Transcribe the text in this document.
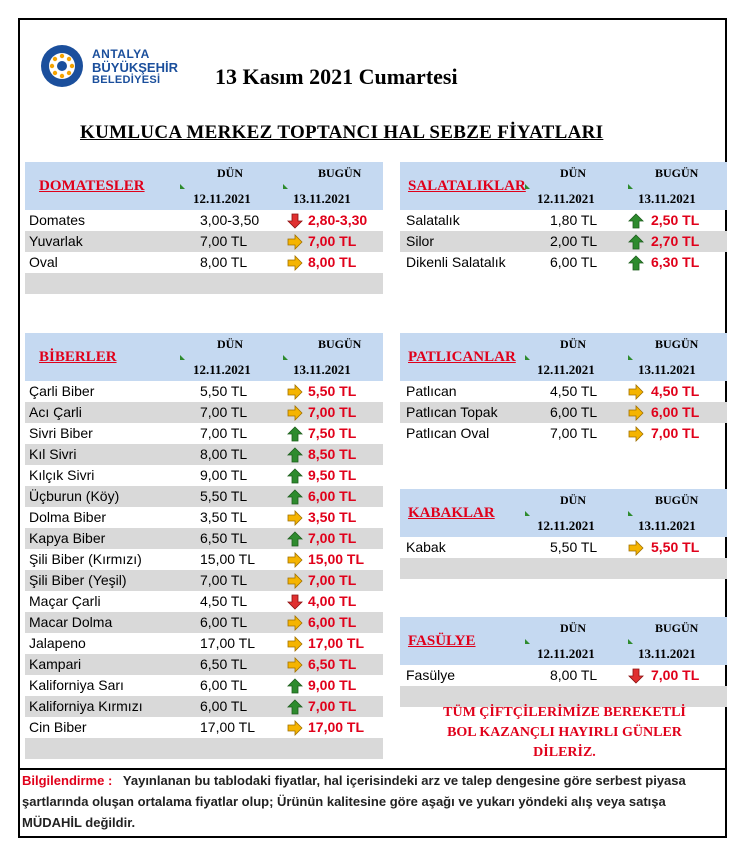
ANTALYA
BÜYÜKŞEHİR
BELEDİYESİ	13 Kasım 2021 Cumartesi
KUMLUCA MERKEZ TOPTANCI HAL SEBZE FİYATLARI
DOMATESLER
DÜN	BUGÜN
12.11.2021	13.11.2021
Domates	3,00-3,50	2,80-3,30
Yuvarlak	7,00 TL	7,00 TL
Oval	8,00 TL	8,00 TL
SALATALIKLAR
DÜN	BUGÜN
12.11.2021	13.11.2021
Salatalık	1,80 TL	2,50 TL
Silor	2,00 TL	2,70 TL
Dikenli Salatalık	6,00 TL	6,30 TL
BİBERLER
DÜN	BUGÜN
12.11.2021	13.11.2021
Çarli Biber	5,50 TL	5,50 TL
Acı Çarli	7,00 TL	7,00 TL
Sivri Biber	7,00 TL	7,50 TL
Kıl Sivri	8,00 TL	8,50 TL
Kılçık Sivri	9,00 TL	9,50 TL
Üçburun (Köy)	5,50 TL	6,00 TL
Dolma Biber	3,50 TL	3,50 TL
Kapya Biber	6,50 TL	7,00 TL
Şili Biber (Kırmızı)	15,00 TL	15,00 TL
Şili Biber (Yeşil)	7,00 TL	7,00 TL
Maçar Çarli	4,50 TL	4,00 TL
Macar Dolma	6,00 TL	6,00 TL
Jalapeno	17,00 TL	17,00 TL
Kampari	6,50 TL	6,50 TL
Kaliforniya Sarı	6,00 TL	9,00 TL
Kaliforniya Kırmızı	6,00 TL	7,00 TL
Cin Biber	17,00 TL	17,00 TL
PATLICANLAR
DÜN	BUGÜN
12.11.2021	13.11.2021
Patlıcan	4,50 TL	4,50 TL
Patlıcan Topak	6,00 TL	6,00 TL
Patlıcan Oval	7,00 TL	7,00 TL
KABAKLAR
DÜN	BUGÜN
12.11.2021	13.11.2021
Kabak	5,50 TL	5,50 TL
FASÜLYE
DÜN	BUGÜN
12.11.2021	13.11.2021
Fasülye	8,00 TL	7,00 TL
TÜM ÇİFTÇİLERİMİZE BEREKETLİ
BOL KAZANÇLI HAYIRLI GÜNLER
DİLERİZ.
Bilgilendirme : Yayınlanan bu tablodaki fiyatlar, hal içerisindeki arz ve talep dengesine göre serbest piyasa şartlarında oluşan ortalama fiyatlar olup; Ürünün kalitesine göre aşağı ve yukarı yöndeki alış veya satışa MÜDAHİL değildir.
